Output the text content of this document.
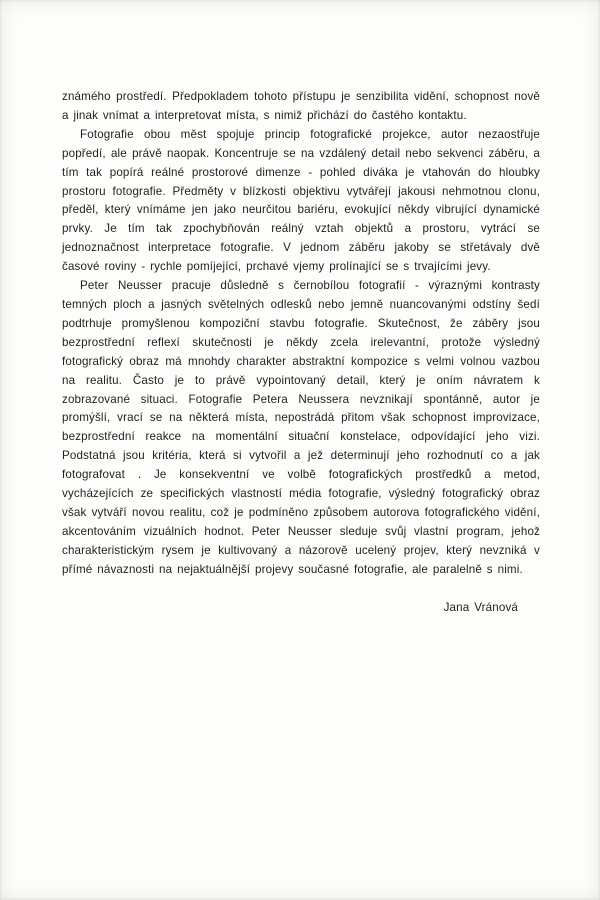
známého prostředí. Předpokladem tohoto přístupu je senzibilita vidění, schopnost nově a jinak vnímat a interpretovat místa, s nimiž přichází do častého kontaktu.

Fotografie obou měst spojuje princip fotografické projekce, autor nezaostřuje popředí, ale právě naopak. Koncentruje se na vzdálený detail nebo sekvenci záběru, a tím tak popírá reálné prostorové dimenze - pohled diváka je vtahován do hloubky prostoru fotografie. Předměty v blízkosti objektivu vytvářejí jakousi nehmotnou clonu, předěl, který vnímáme jen jako neurčitou bariéru, evokující někdy vibrující dynamické prvky. Je tím tak zpochybňován reálný vztah objektů a prostoru, vytrácí se jednoznačnost interpretace fotografie. V jednom záběru jakoby se střetávaly dvě časové roviny - rychle pomíjející, prchavé vjemy prolínající se s trvajícími jevy.

Peter Neusser pracuje důsledně s černobílou fotografií - výraznými kontrasty temných ploch a jasných světelných odlesků nebo jemně nuancovanými odstíny šedí podtrhuje promyšlenou kompoziční stavbu fotografie. Skutečnost, že záběry jsou bezprostřední reflexí skutečnosti je někdy zcela irelevantní, protože výsledný fotografický obraz má mnohdy charakter abstraktní kompozice s velmi volnou vazbou na realitu. Často je to právě vypointovaný detail, který je oním návratem k zobrazované situaci. Fotografie Petera Neussera nevznikají spontánně, autor je promýšlí, vrací se na některá místa, nepostrádá přitom však schopnost improvizace, bezprostřední reakce na momentální situační konstelace, odpovídající jeho vizi. Podstatná jsou kritéria, která si vytvořil a jež determinují jeho rozhodnutí co a jak fotografovat . Je konsekventní ve volbě fotografických prostředků a metod, vycházejících ze specifických vlastností média fotografie, výsledný fotografický obraz však vytváří novou realitu, což je podmíněno způsobem autorova fotografického vidění, akcentováním vizuálních hodnot. Peter Neusser sleduje svůj vlastní program, jehož charakteristickým rysem je kultivovaný a názorově ucelený projev, který nevzniká v přímé návaznosti na nejaktuálnější projevy současné fotografie, ale paralelně s nimi.

Jana Vránová
